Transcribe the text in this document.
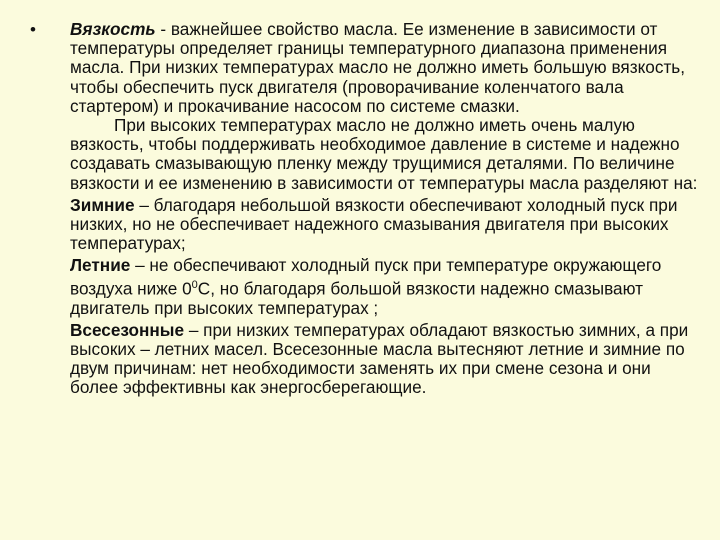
• Вязкость - важнейшее свойство масла. Ее изменение в зависимости от температуры определяет границы температурного диапазона применения масла. При низких температурах масло не должно иметь большую вязкость, чтобы обеспечить пуск двигателя (проворачивание коленчатого вала стартером) и прокачивание насосом по системе смазки.

При высоких температурах масло не должно иметь очень малую вязкость, чтобы поддерживать необходимое давление в системе и надежно создавать смазывающую пленку между трущимися деталями. По величине вязкости и ее изменению в зависимости от температуры масла разделяют на:

Зимние – благодаря небольшой вязкости обеспечивают холодный пуск при низких, но не обеспечивает надежного смазывания двигателя при высоких температурах;

Летние – не обеспечивают холодный пуск при температуре окружающего воздуха ниже $0^0С$, но благодаря большой вязкости надежно смазывают двигатель при высоких температурах ;

Всесезонные – при низких температурах обладают вязкостью зимних, а при высоких – летних масел. Всесезонные масла вытесняют летние и зимние по двум причинам: нет необходимости заменять их при смене сезона и они более эффективны как энергосберегающие.
